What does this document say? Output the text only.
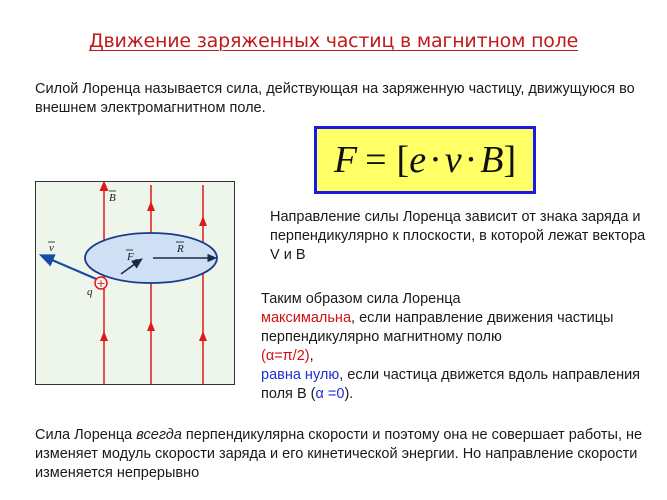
Движение заряженных частиц в магнитном поле
Силой Лоренца называется сила, действующая на заряженную частицу, движущуюся во внешнем электромагнитном поле.
F = [ e · v · B ]
+
B
v
$F_л$
R
q
Направление силы Лоренца зависит от знака заряда и перпендикулярно к плоскости, в которой лежат вектора V и B
Таким образом сила Лоренца
максимальна, если направление движения частицы перпендикулярно магнитному полю
(α=π/2),
равна нулю, если частица движется вдоль направления поля В (α =0).
Сила Лоренца всегда перпендикулярна скорости и поэтому она не совершает работы, не изменяет модуль скорости заряда и его кинетической энергии. Но направление скорости изменяется непрерывно
